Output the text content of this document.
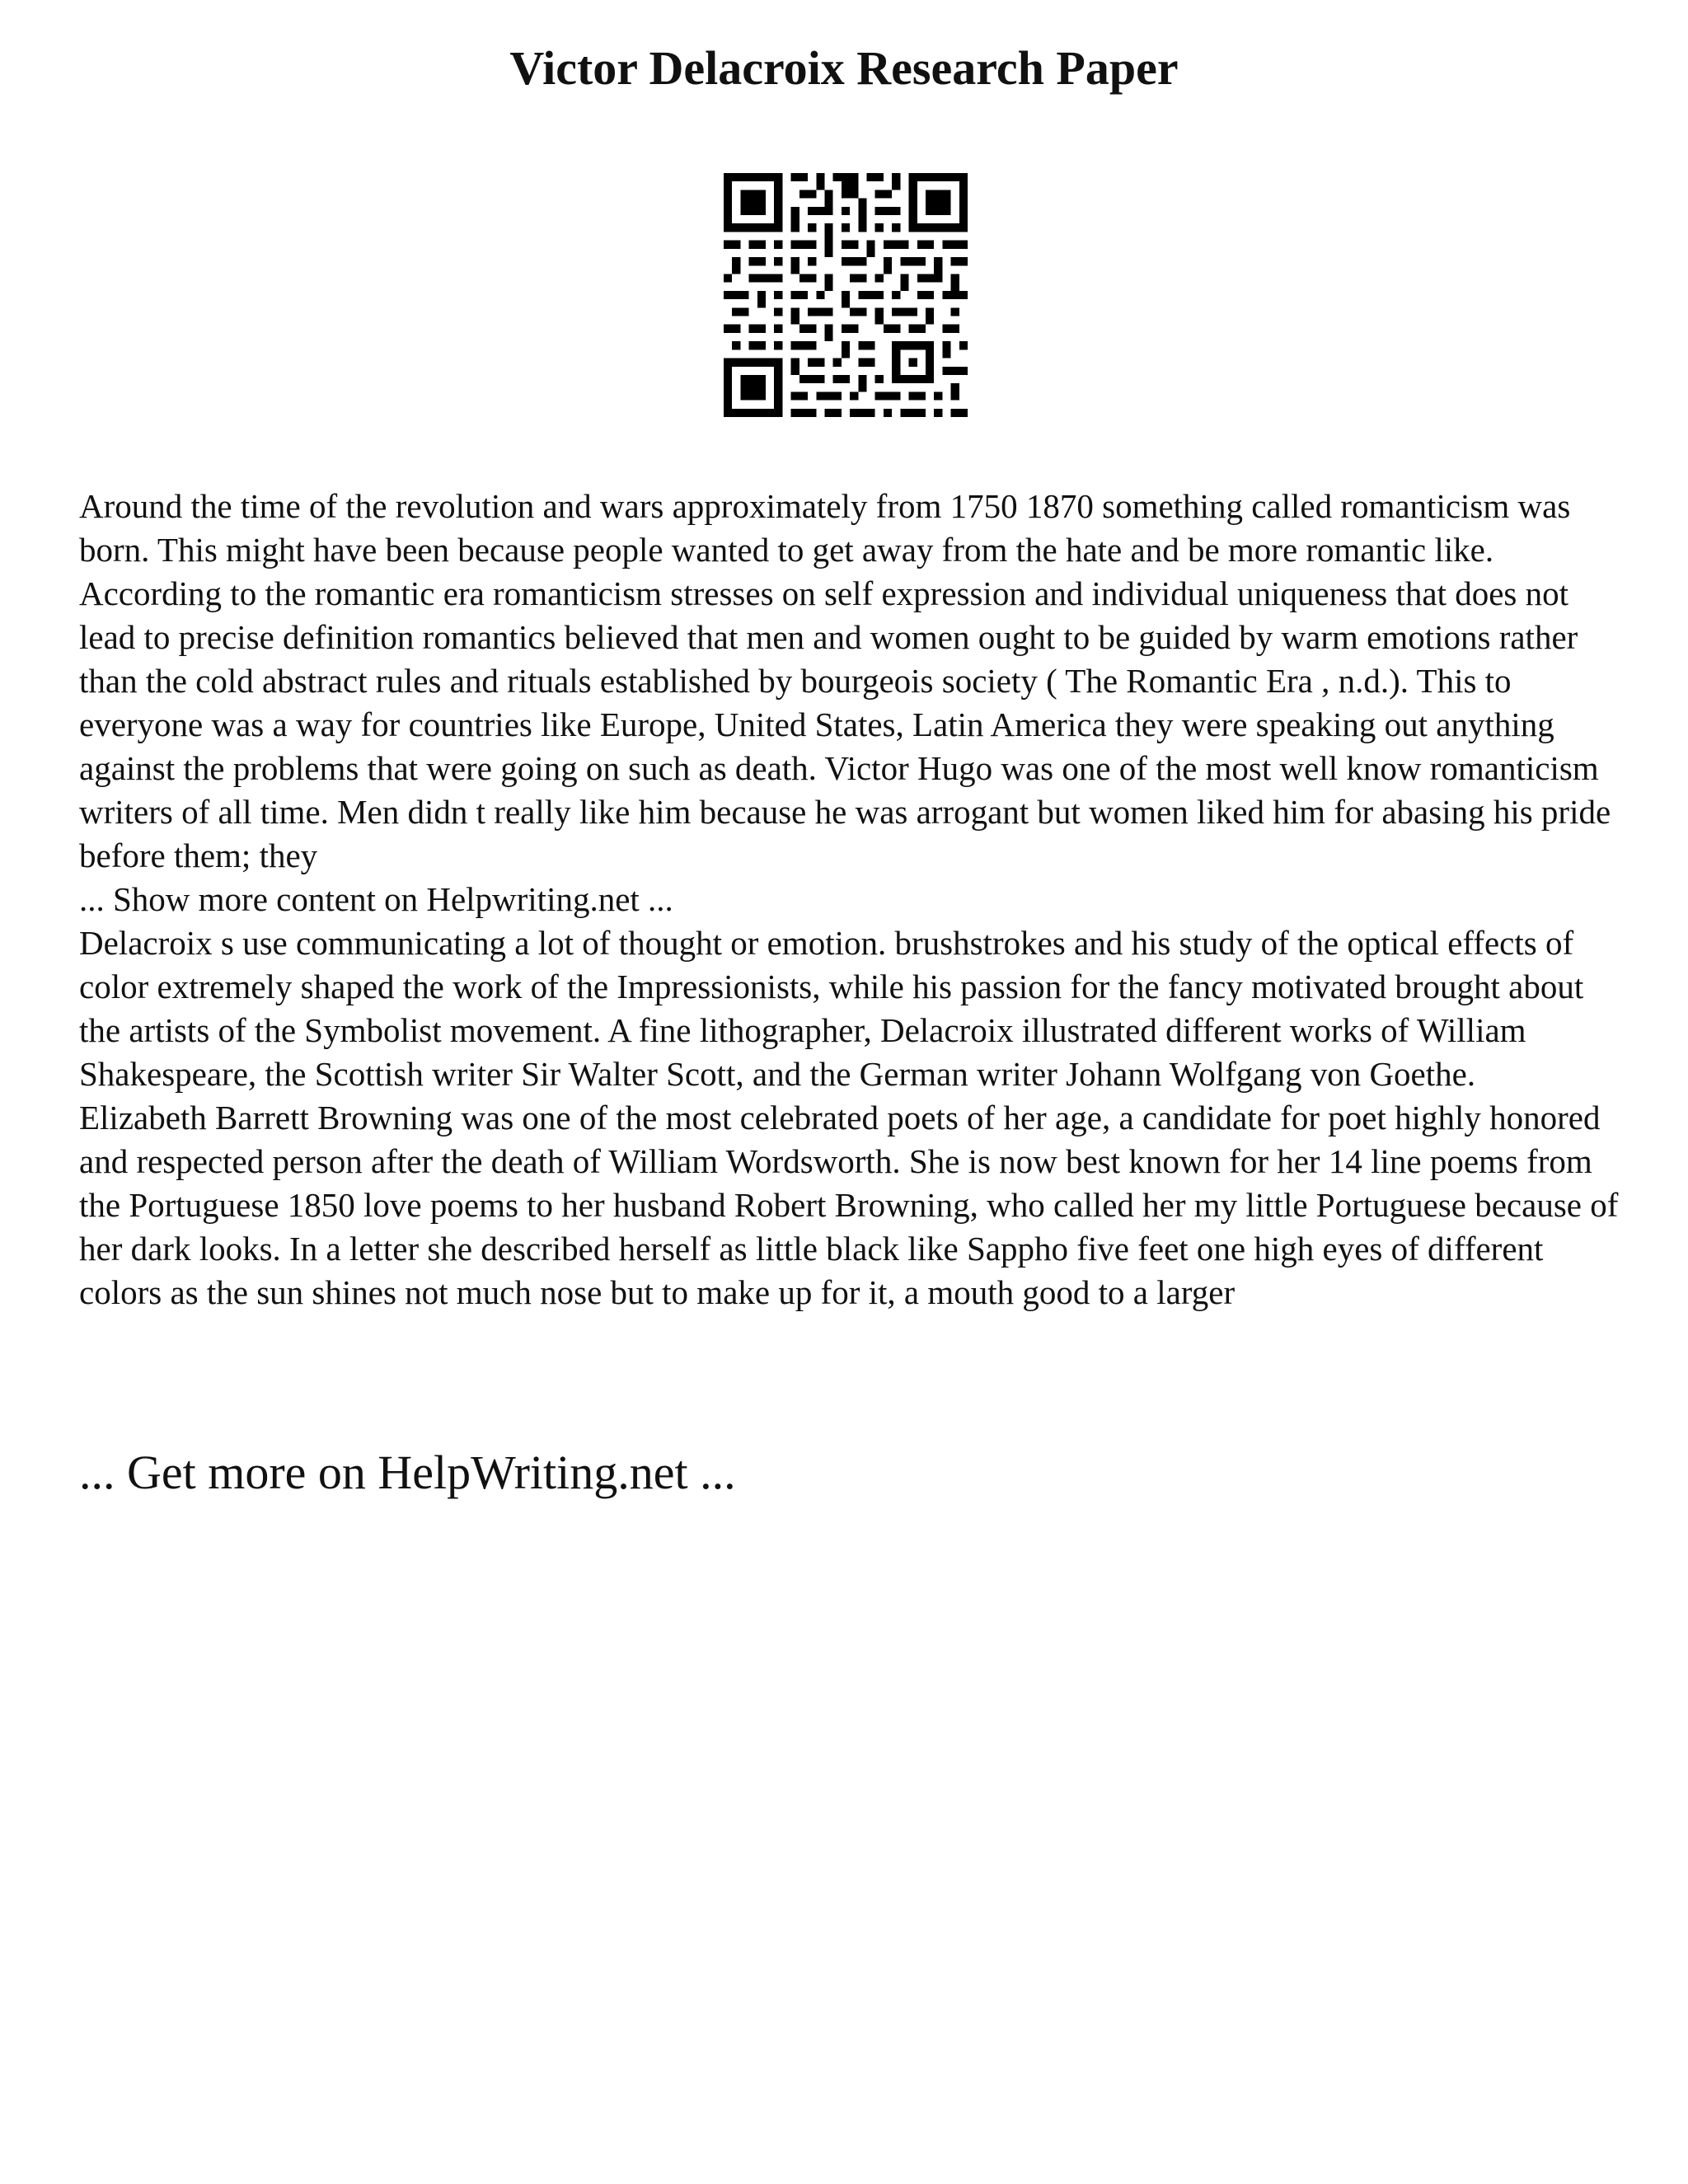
Victor Delacroix Research Paper

Around the time of the revolution and wars approximately from 1750 1870 something called romanticism was born. This might have been because people wanted to get away from the hate and be more romantic like. According to the romantic era romanticism stresses on self expression and individual uniqueness that does not lead to precise definition romantics believed that men and women ought to be guided by warm emotions rather than the cold abstract rules and rituals established by bourgeois society ( The Romantic Era , n.d.). This to everyone was a way for countries like Europe, United States, Latin America they were speaking out anything against the problems that were going on such as death. Victor Hugo was one of the most well know romanticism writers of all time. Men didn t really like him because he was arrogant but women liked him for abasing his pride before them; they

... Show more content on Helpwriting.net ...

Delacroix s use communicating a lot of thought or emotion. brushstrokes and his study of the optical effects of color extremely shaped the work of the Impressionists, while his passion for the fancy motivated brought about the artists of the Symbolist movement. A fine lithographer, Delacroix illustrated different works of William Shakespeare, the Scottish writer Sir Walter Scott, and the German writer Johann Wolfgang von Goethe.

Elizabeth Barrett Browning was one of the most celebrated poets of her age, a candidate for poet highly honored and respected person after the death of William Wordsworth. She is now best known for her 14 line poems from the Portuguese 1850 love poems to her husband Robert Browning, who called her my little Portuguese because of her dark looks. In a letter she described herself as little black like Sappho five feet one high eyes of different colors as the sun shines not much nose but to make up for it, a mouth good to a larger

... Get more on HelpWriting.net ...
